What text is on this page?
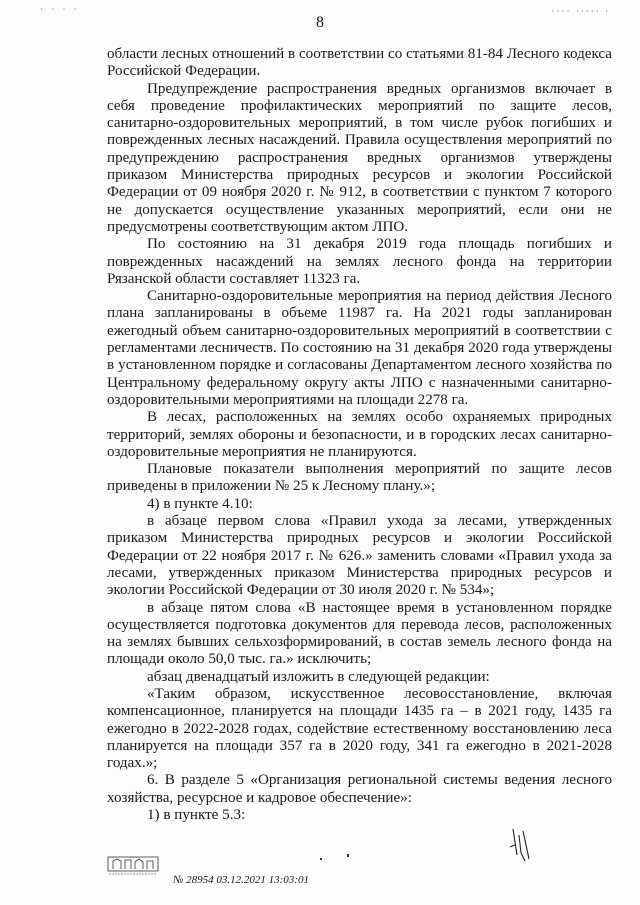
· · · ·	···· ····· ·
8

области лесных отношений в соответствии со статьями 81-84 Лесного кодекса Российской Федерации.

Предупреждение распространения вредных организмов включает в себя проведение профилактических мероприятий по защите лесов, санитарно-оздоровительных мероприятий, в том числе рубок погибших и поврежденных лесных насаждений. Правила осуществления мероприятий по предупреждению распространения вредных организмов утверждены приказом Министерства природных ресурсов и экологии Российской Федерации от 09 ноября 2020 г. № 912, в соответствии с пунктом 7 которого не допускается осуществление указанных мероприятий, если они не предусмотрены соответствующим актом ЛПО.

По состоянию на 31 декабря 2019 года площадь погибших и поврежденных насаждений на землях лесного фонда на территории Рязанской области составляет 11323 га.

Санитарно-оздоровительные мероприятия на период действия Лесного плана запланированы в объеме 11987 га. На 2021 годы запланирован ежегодный объем санитарно-оздоровительных мероприятий в соответствии с регламентами лесничеств. По состоянию на 31 декабря 2020 года утверждены в установленном порядке и согласованы Департаментом лесного хозяйства по Центральному федеральному округу акты ЛПО с назначенными санитарно-оздоровительными мероприятиями на площади 2278 га.

В лесах, расположенных на землях особо охраняемых природных территорий, землях обороны и безопасности, и в городских лесах санитарно-оздоровительные мероприятия не планируются.

Плановые показатели выполнения мероприятий по защите лесов приведены в приложении № 25 к Лесному плану.»;

4) в пункте 4.10:

в абзаце первом слова «Правил ухода за лесами, утвержденных приказом Министерства природных ресурсов и экологии Российской Федерации от 22 ноября 2017 г. № 626.» заменить словами «Правил ухода за лесами, утвержденных приказом Министерства природных ресурсов и экологии Российской Федерации от 30 июля 2020 г. № 534»;

в абзаце пятом слова «В настоящее время в установленном порядке осуществляется подготовка документов для перевода лесов, расположенных на землях бывших сельхозформирований, в состав земель лесного фонда на площади около 50,0 тыс. га.» исключить;

абзац двенадцатый изложить в следующей редакции:

«Таким образом, искусственное лесовосстановление, включая компенсационное, планируется на площади 1435 га – в 2021 году, 1435 га ежегодно в 2022-2028 годах, содействие естественному восстановлению леса планируется на площади 357 га в 2020 году, 341 га ежегодно в 2021-2028 годах.»;

6. В разделе 5 «Организация региональной системы ведения лесного хозяйства, ресурсное и кадровое обеспечение»:

1) в пункте 5.3:

№ 28954 03.12.2021 13:03:01
